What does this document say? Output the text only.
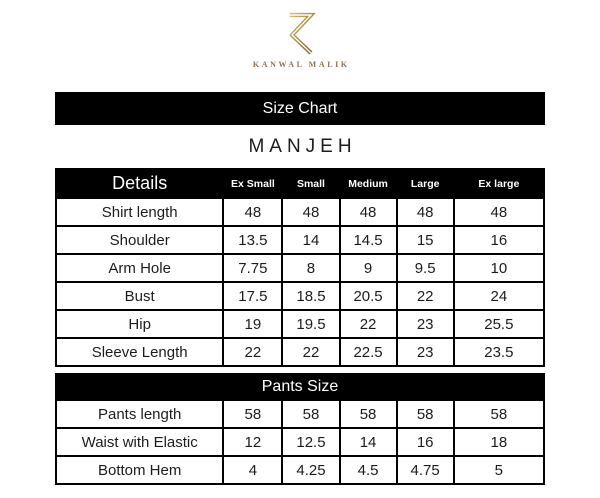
KANWAL MALIK
Size Chart
MANJEH
Details	Ex Small	Small	Medium	Large	Ex large
Shirt length	48	48	48	48	48
Shoulder	13.5	14	14.5	15	16
Arm Hole	7.75	8	9	9.5	10
Bust	17.5	18.5	20.5	22	24
Hip	19	19.5	22	23	25.5
Sleeve Length	22	22	22.5	23	23.5
Pants Size					
Pants length	58	58	58	58	58
Waist with Elastic	12	12.5	14	16	18
Bottom Hem	4	4.25	4.5	4.75	5
